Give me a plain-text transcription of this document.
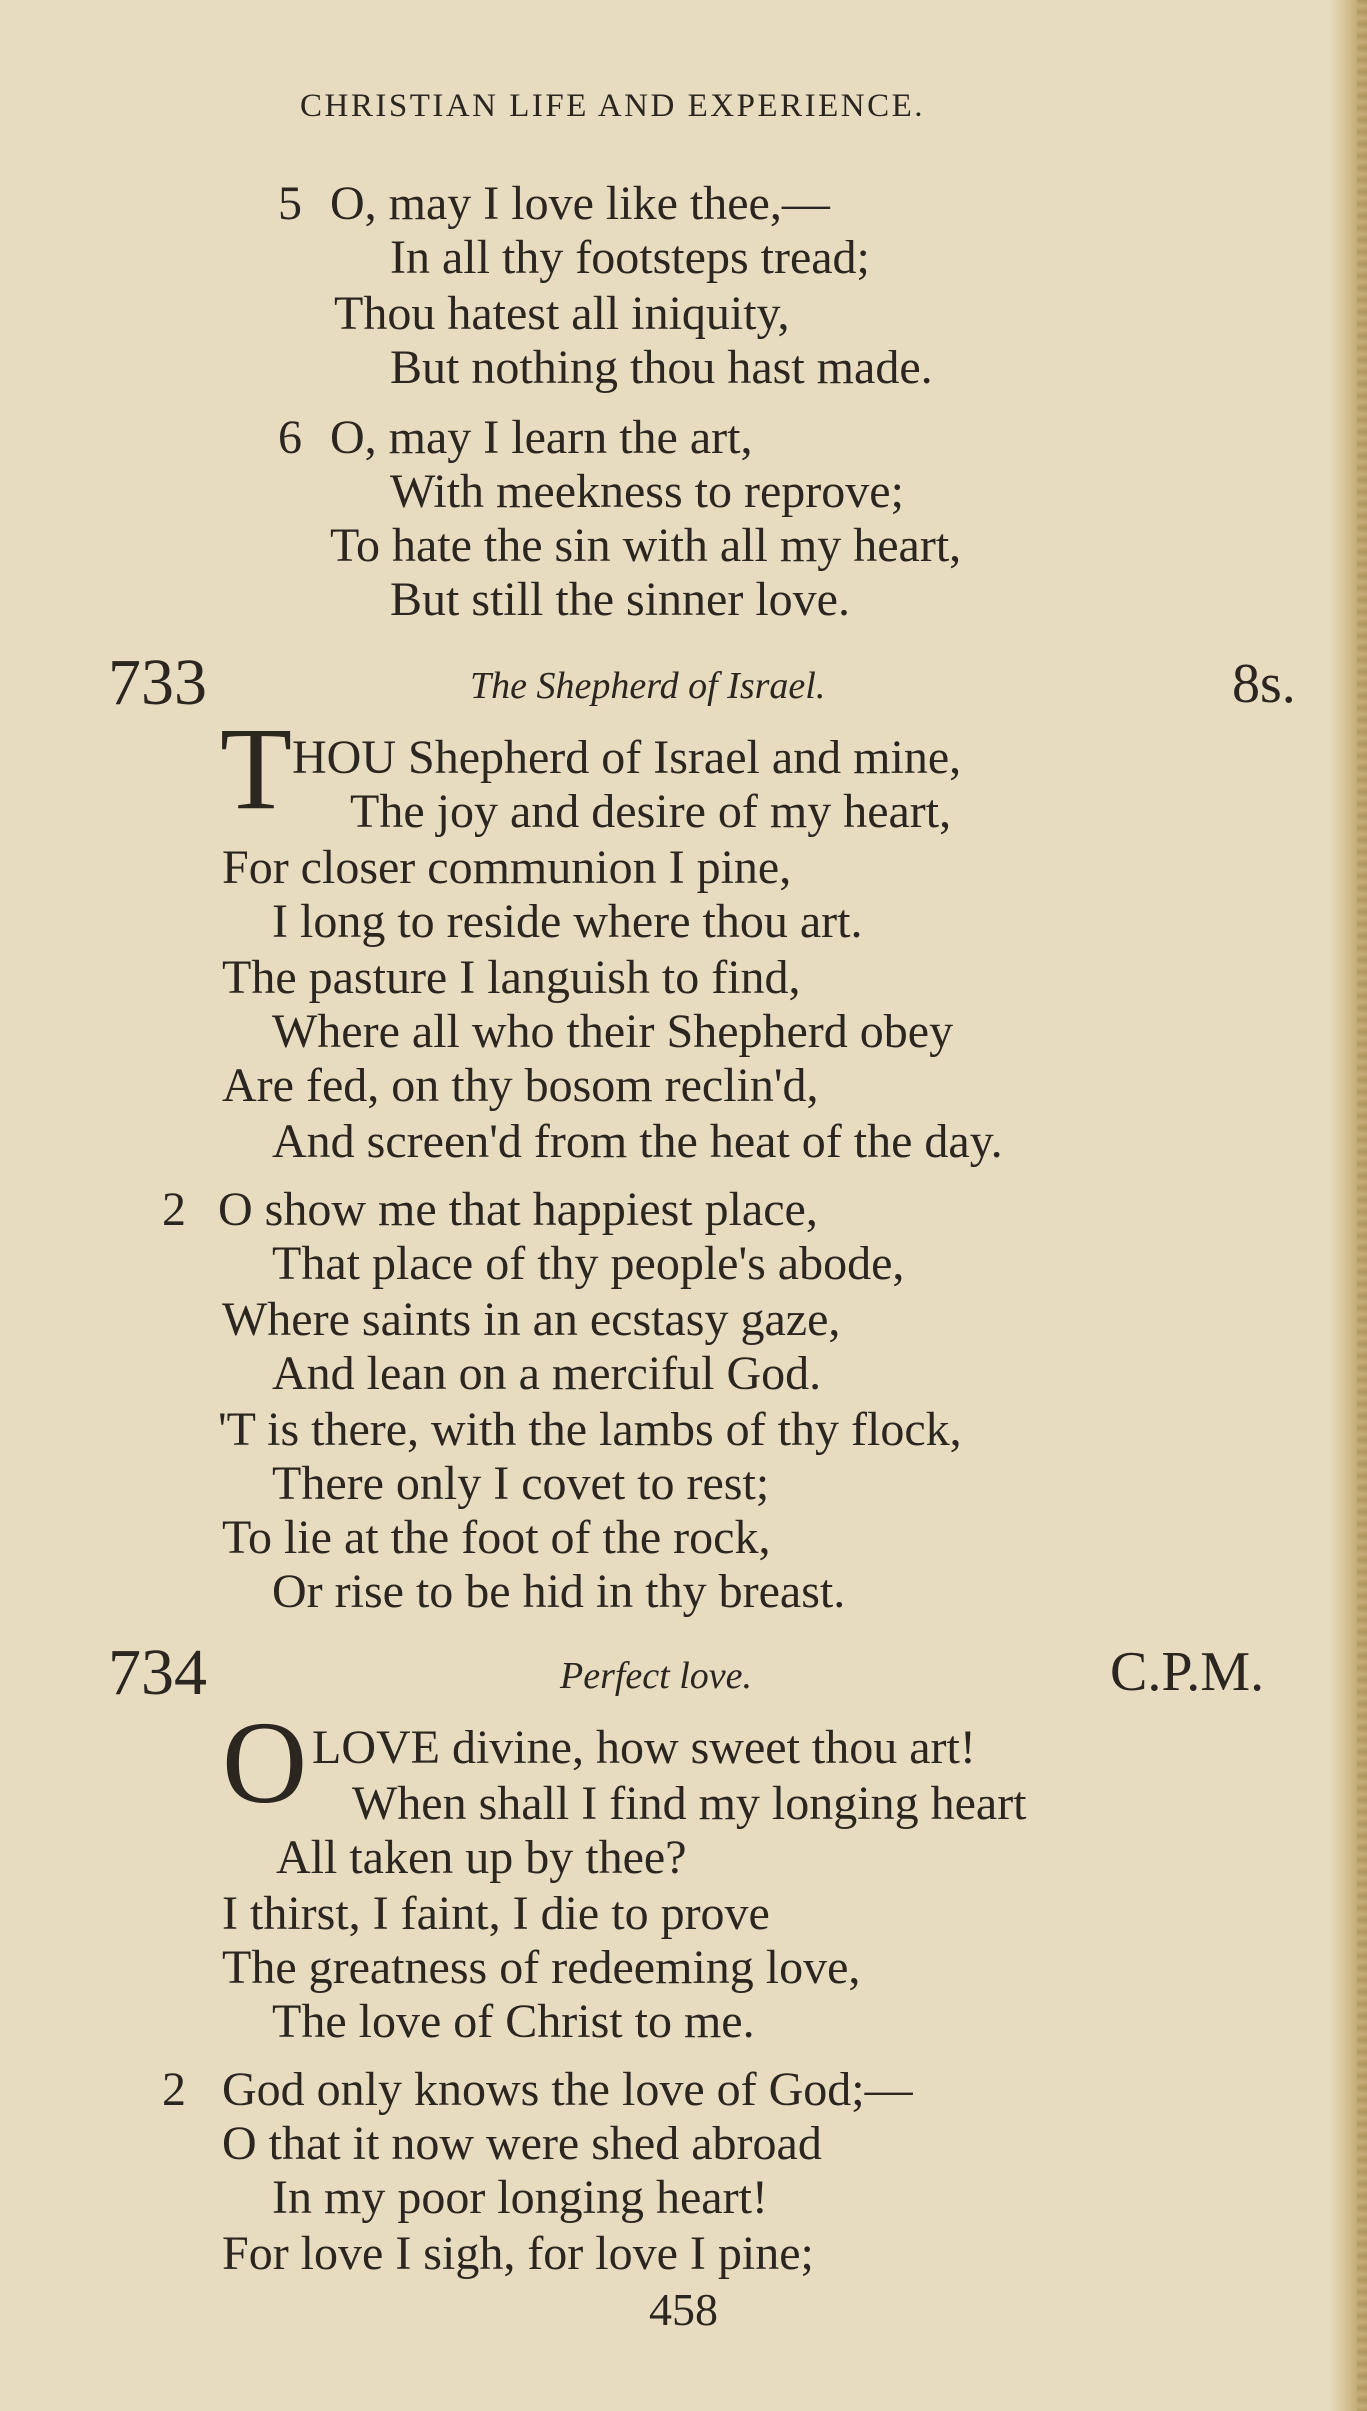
CHRISTIAN LIFE AND EXPERIENCE.
5 O, may I love like thee,—
In all thy footsteps tread;
Thou hatest all iniquity,
But nothing thou hast made.
6 O, may I learn the art,
With meekness to reprove;
To hate the sin with all my heart,
But still the sinner love.
733	The Shepherd of Israel.	8s.
T HOU Shepherd of Israel and mine,
The joy and desire of my heart,
For closer communion I pine,
I long to reside where thou art.
The pasture I languish to find,
Where all who their Shepherd obey
Are fed, on thy bosom reclin'd,
And screen'd from the heat of the day.
2 O show me that happiest place,
That place of thy people's abode,
Where saints in an ecstasy gaze,
And lean on a merciful God.
'T is there, with the lambs of thy flock,
There only I covet to rest;
To lie at the foot of the rock,
Or rise to be hid in thy breast.
734	Perfect love.	C.P.M.
O LOVE divine, how sweet thou art!
When shall I find my longing heart
All taken up by thee?
I thirst, I faint, I die to prove
The greatness of redeeming love,
The love of Christ to me.
2 God only knows the love of God;—
O that it now were shed abroad
In my poor longing heart!
For love I sigh, for love I pine;
458
